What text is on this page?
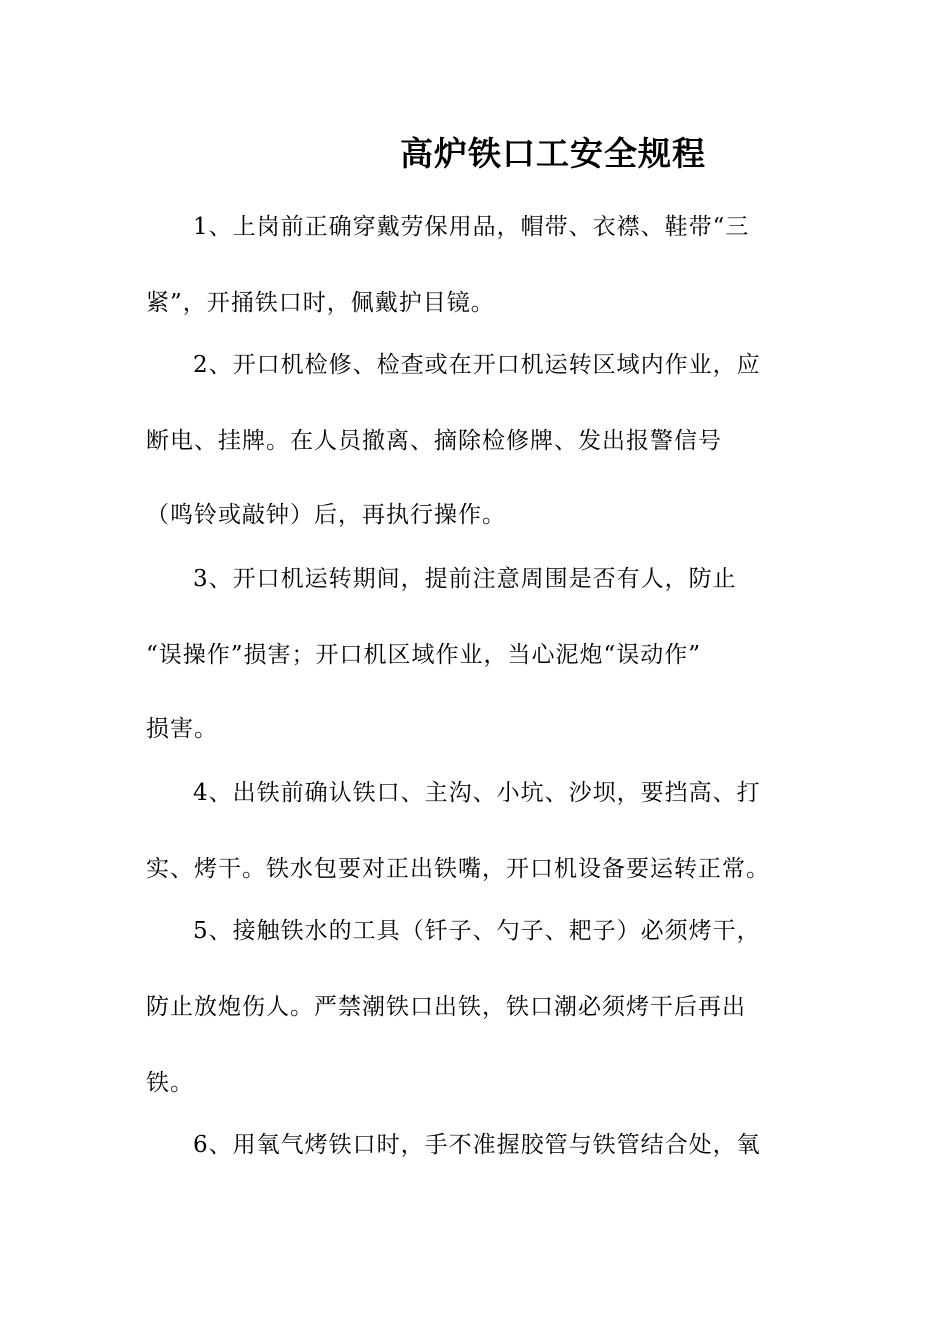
高炉铁口工安全规程
1、上岗前正确穿戴劳保用品，帽带、衣襟、鞋带“三
紧”，开捅铁口时，佩戴护目镜。
2、开口机检修、检查或在开口机运转区域内作业，应
断电、挂牌。在人员撤离、摘除检修牌、发出报警信号
（鸣铃或敲钟）后，再执行操作。
3、开口机运转期间，提前注意周围是否有人，防止
“误操作”损害；开口机区域作业，当心泥炮“误动作”
损害。
4、出铁前确认铁口、主沟、小坑、沙坝，要挡高、打
实、烤干。铁水包要对正出铁嘴，开口机设备要运转正常。
5、接触铁水的工具（钎子、勺子、耙子）必须烤干，
防止放炮伤人。严禁潮铁口出铁，铁口潮必须烤干后再出
铁。
6、用氧气烤铁口时，手不准握胶管与铁管结合处，氧
